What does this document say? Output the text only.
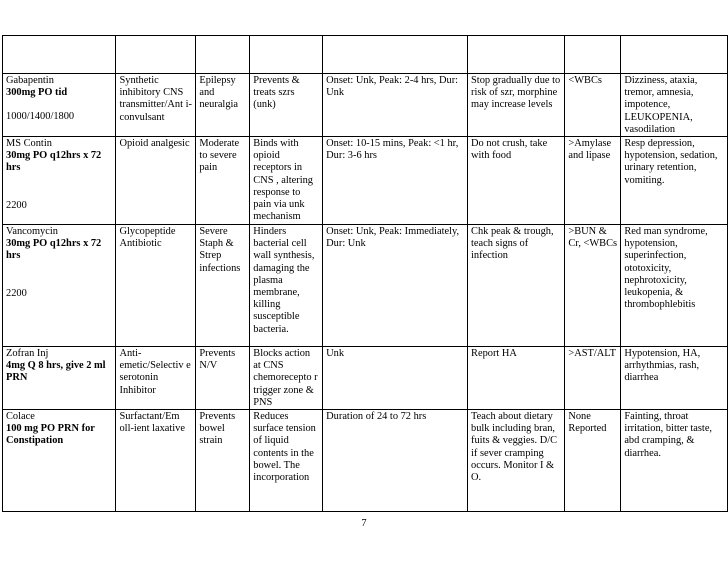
Gabapentin
300mg PO tid
1000/1400/1800	Synthetic inhibitory CNS transmitter/Ant i-convulsant	Epilepsy and neuralgia	Prevents & treats szrs (unk)	Onset: Unk, Peak: 2-4 hrs, Dur: Unk	Stop gradually due to risk of szr, morphine may increase levels	<WBCs	Dizziness, ataxia, tremor, amnesia, impotence, LEUKOPENIA, vasodilation

MS Contin
30mg PO q12hrs x 72 hrs
2200	Opioid analgesic	Moderate to severe pain	Binds with opioid receptors in CNS , altering response to pain via unk mechanism	Onset: 10-15 mins, Peak: <1 hr, Dur: 3-6 hrs	Do not crush, take with food	>Amylase and lipase	Resp depression, hypotension, sedation, urinary retention, vomiting.

Vancomycin
30mg PO q12hrs x 72 hrs
2200	Glycopeptide Antibiotic	Severe Staph & Strep infections	Hinders bacterial cell wall synthesis, damaging the plasma membrane, killing susceptible bacteria.	Onset: Unk, Peak: Immediately, Dur: Unk	Chk peak & trough, teach signs of infection	>BUN & Cr, <WBCs	Red man syndrome, hypotension, superinfection, ototoxicity, nephrotoxicity, leukopenia, & thrombophlebitis

Zofran Inj
4mg Q 8 hrs, give 2 ml PRN	Anti-emetic/Selectiv e serotonin Inhibitor	Prevents N/V	Blocks action at CNS chemorecepto r trigger zone & PNS	Unk	Report HA	>AST/ALT	Hypotension, HA, arrhythmias, rash, diarrhea

Colace
100 mg PO PRN for Constipation	Surfactant/Em oll-ient laxative	Prevents bowel strain	Reduces surface tension of liquid contents in the bowel. The incorporation	Duration of 24 to 72 hrs	Teach about dietary bulk including bran, fuits & veggies. D/C if sever cramping occurs. Monitor I & O.	None Reported	Fainting, throat irritation, bitter taste, abd cramping, & diarrhea.
7
